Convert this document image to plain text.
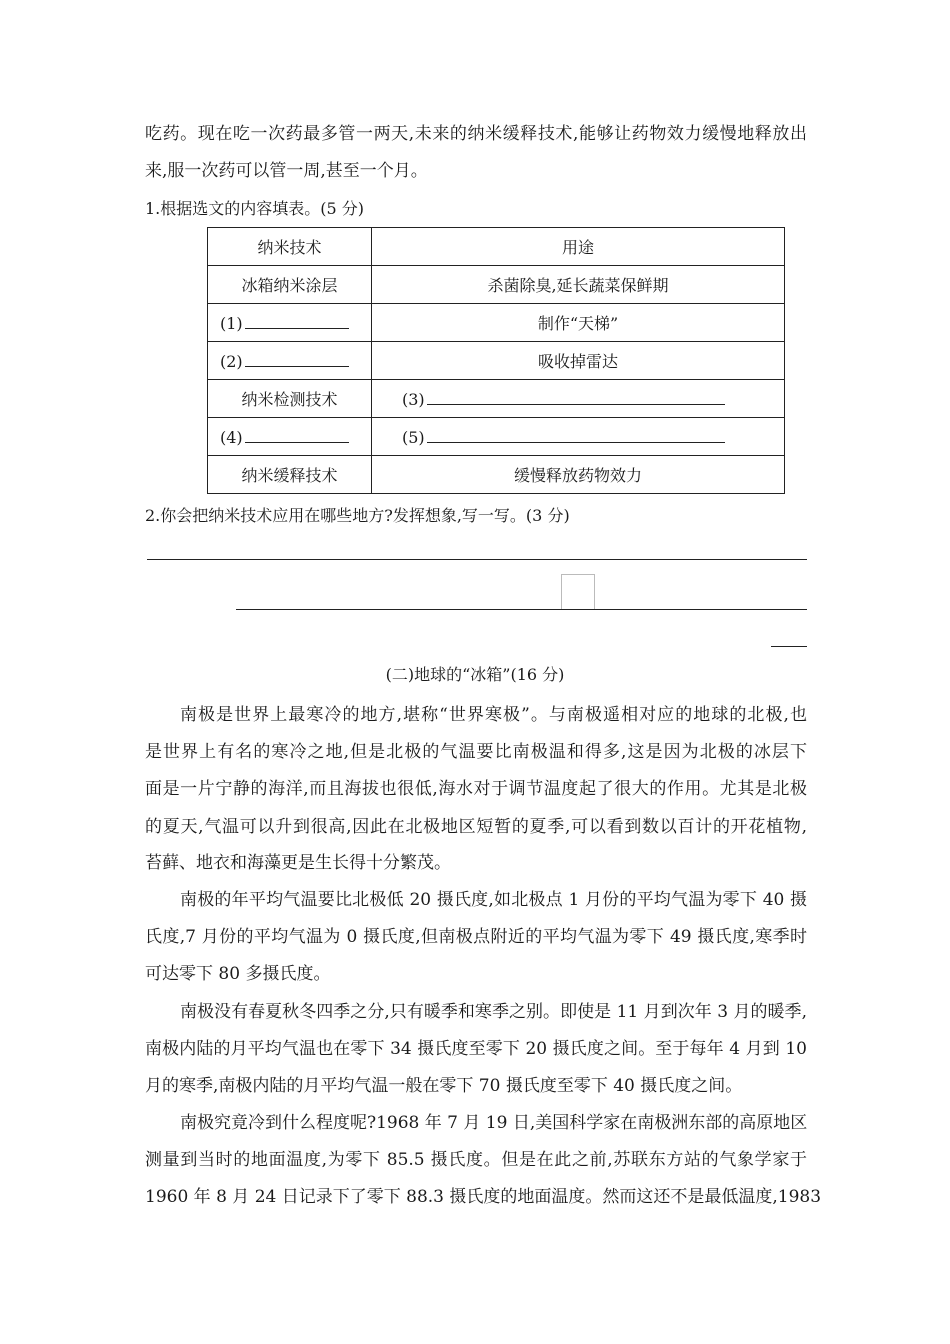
吃药。现在吃一次药最多管一两天,未来的纳米缓释技术,能够让药物效力缓慢地释放出
来,服一次药可以管一周,甚至一个月。
1.根据选文的内容填表。(5 分)
纳米技术	用途
冰箱纳米涂层	杀菌除臭,延长蔬菜保鲜期
(1)	制作“天梯”
(2)	吸收掉雷达
纳米检测技术	(3)
(4)	(5)
纳米缓释技术	缓慢释放药物效力
2.你会把纳米技术应用在哪些地方?发挥想象,写一写。(3 分)
(二)地球的“冰箱”(16 分)
南极是世界上最寒冷的地方,堪称“世界寒极”。与南极遥相对应的地球的北极,也
是世界上有名的寒冷之地,但是北极的气温要比南极温和得多,这是因为北极的冰层下
面是一片宁静的海洋,而且海拔也很低,海水对于调节温度起了很大的作用。尤其是北极
的夏天,气温可以升到很高,因此在北极地区短暂的夏季,可以看到数以百计的开花植物,
苔藓、地衣和海藻更是生长得十分繁茂。
南极的年平均气温要比北极低 20 摄氏度,如北极点 1 月份的平均气温为零下 40 摄
氏度,7 月份的平均气温为 0 摄氏度,但南极点附近的平均气温为零下 49 摄氏度,寒季时
可达零下 80 多摄氏度。
南极没有春夏秋冬四季之分,只有暖季和寒季之别。即使是 11 月到次年 3 月的暖季,
南极内陆的月平均气温也在零下 34 摄氏度至零下 20 摄氏度之间。至于每年 4 月到 10
月的寒季,南极内陆的月平均气温一般在零下 70 摄氏度至零下 40 摄氏度之间。
南极究竟冷到什么程度呢?1968 年 7 月 19 日,美国科学家在南极洲东部的高原地区
测量到当时的地面温度,为零下 85.5 摄氏度。但是在此之前,苏联东方站的气象学家于
1960 年 8 月 24 日记录下了零下 88.3 摄氏度的地面温度。然而这还不是最低温度,1983
